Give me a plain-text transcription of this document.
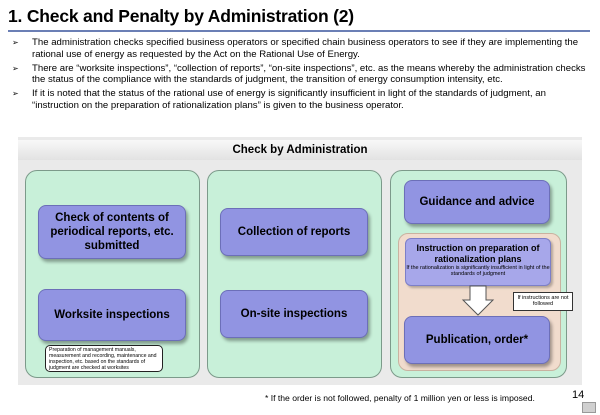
1. Check and Penalty by Administration (2)
➢ The administration checks specified business operators or specified chain business operators to see if they are implementing the rational use of energy as requested by the Act on the Rational Use of Energy.
➢ There are “worksite inspections”, “collection of reports”, “on-site inspections”, etc. as the means whereby the administration checks the status of the compliance with the standards of judgment, the transition of energy consumption intensity, etc.
➢ If it is noted that the status of the rational use of energy is significantly insufficient in light of the standards of judgment, an “instruction on the preparation of rationalization plans” is given to the business operator.
Check by Administration
Check of contents of periodical reports, etc. submitted
Worksite inspections
Preparation of management manuals, measurement and recording, maintenance and inspection, etc. based on the standards of judgment are checked at worksites
Collection of reports
On-site inspections
Guidance and advice
Instruction on preparation of rationalization plans
If the rationalization is significantly insufficient in light of the standards of judgment
If instructions are not followed
Publication, order*
* If the order is not followed, penalty of 1 million yen or less is imposed.	14
